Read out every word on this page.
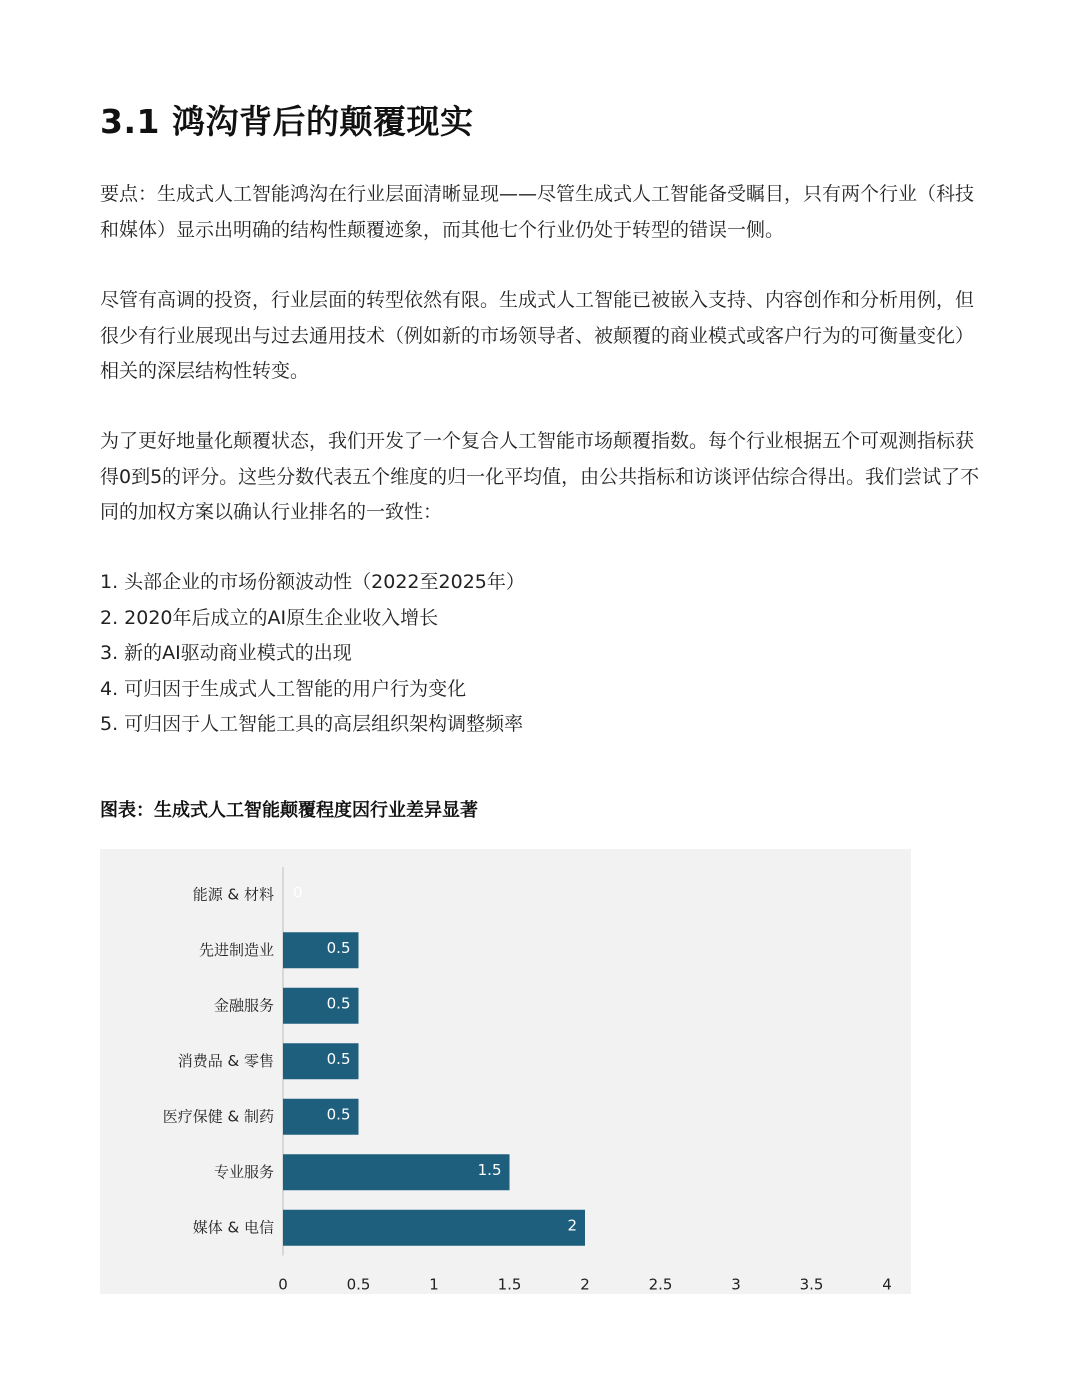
3.1 鸿沟背后的颠覆现实

要点：生成式人工智能鸿沟在行业层面清晰显现——尽管生成式人工智能备受瞩目，只有两个行业（科技和媒体）显示出明确的结构性颠覆迹象，而其他七个行业仍处于转型的错误一侧。

尽管有高调的投资，行业层面的转型依然有限。生成式人工智能已被嵌入支持、内容创作和分析用例，但很少有行业展现出与过去通用技术（例如新的市场领导者、被颠覆的商业模式或客户行为的可衡量变化）相关的深层结构性转变。

为了更好地量化颠覆状态，我们开发了一个复合人工智能市场颠覆指数。每个行业根据五个可观测指标获得0到5的评分。这些分数代表五个维度的归一化平均值，由公共指标和访谈评估综合得出。我们尝试了不同的加权方案以确认行业排名的一致性：

1. 头部企业的市场份额波动性（2022至2025年）
2. 2020年后成立的AI原生企业收入增长
3. 新的AI驱动商业模式的出现
4. 可归因于生成式人工智能的用户行为变化
5. 可归因于人工智能工具的高层组织架构调整频率
图表：生成式人工智能颠覆程度因行业差异显著
能源 & 材料 0
先进制造业	0.5
金融服务	0.5
消费品 & 零售	0.5
医疗保健 & 制药	0.5
专业服务	1.5
媒体 & 电信	2
0	0.5	1	1.5	2	2.5	3	3.5	4
